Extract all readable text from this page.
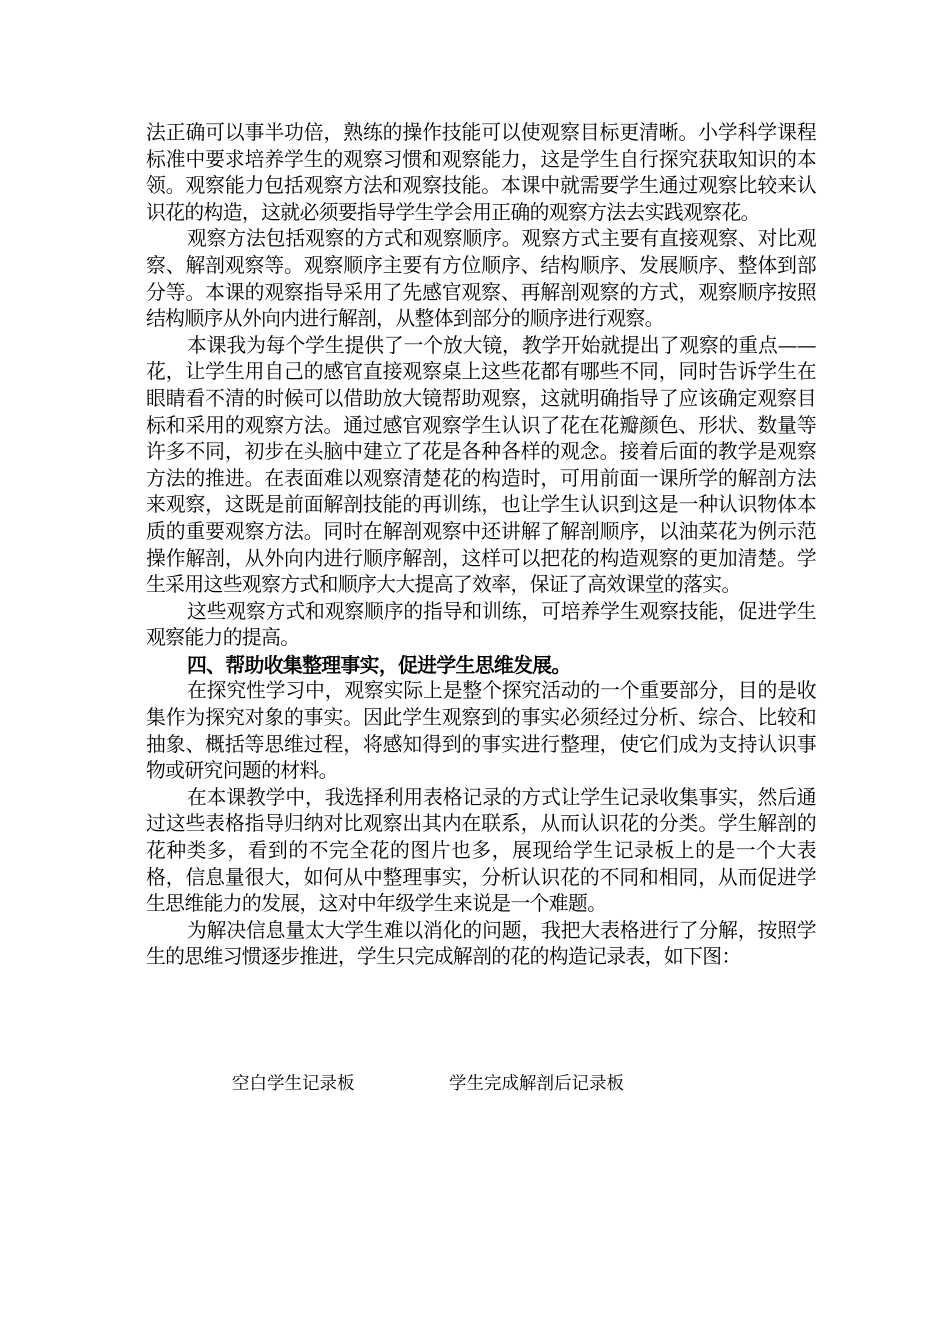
法正确可以事半功倍，熟练的操作技能可以使观察目标更清晰。小学科学课程标准中要求培养学生的观察习惯和观察能力，这是学生自行探究获取知识的本领。观察能力包括观察方法和观察技能。本课中就需要学生通过观察比较来认识花的构造，这就必须要指导学生学会用正确的观察方法去实践观察花。

观察方法包括观察的方式和观察顺序。观察方式主要有直接观察、对比观察、解剖观察等。观察顺序主要有方位顺序、结构顺序、发展顺序、整体到部分等。本课的观察指导采用了先感官观察、再解剖观察的方式，观察顺序按照结构顺序从外向内进行解剖，从整体到部分的顺序进行观察。

本课我为每个学生提供了一个放大镜，教学开始就提出了观察的重点——花，让学生用自己的感官直接观察桌上这些花都有哪些不同，同时告诉学生在眼睛看不清的时候可以借助放大镜帮助观察，这就明确指导了应该确定观察目标和采用的观察方法。通过感官观察学生认识了花在花瓣颜色、形状、数量等许多不同，初步在头脑中建立了花是各种各样的观念。接着后面的教学是观察方法的推进。在表面难以观察清楚花的构造时，可用前面一课所学的解剖方法来观察，这既是前面解剖技能的再训练，也让学生认识到这是一种认识物体本质的重要观察方法。同时在解剖观察中还讲解了解剖顺序，以油菜花为例示范操作解剖，从外向内进行顺序解剖，这样可以把花的构造观察的更加清楚。学生采用这些观察方式和顺序大大提高了效率，保证了高效课堂的落实。

这些观察方式和观察顺序的指导和训练，可培养学生观察技能，促进学生观察能力的提高。

四、帮助收集整理事实，促进学生思维发展。

在探究性学习中，观察实际上是整个探究活动的一个重要部分，目的是收集作为探究对象的事实。因此学生观察到的事实必须经过分析、综合、比较和抽象、概括等思维过程，将感知得到的事实进行整理，使它们成为支持认识事物或研究问题的材料。

在本课教学中，我选择利用表格记录的方式让学生记录收集事实，然后通过这些表格指导归纳对比观察出其内在联系，从而认识花的分类。学生解剖的花种类多，看到的不完全花的图片也多，展现给学生记录板上的是一个大表格，信息量很大，如何从中整理事实，分析认识花的不同和相同，从而促进学生思维能力的发展，这对中年级学生来说是一个难题。

为解决信息量太大学生难以消化的问题，我把大表格进行了分解，按照学生的思维习惯逐步推进，学生只完成解剖的花的构造记录表，如下图：

空白学生记录板	学生完成解剖后记录板
